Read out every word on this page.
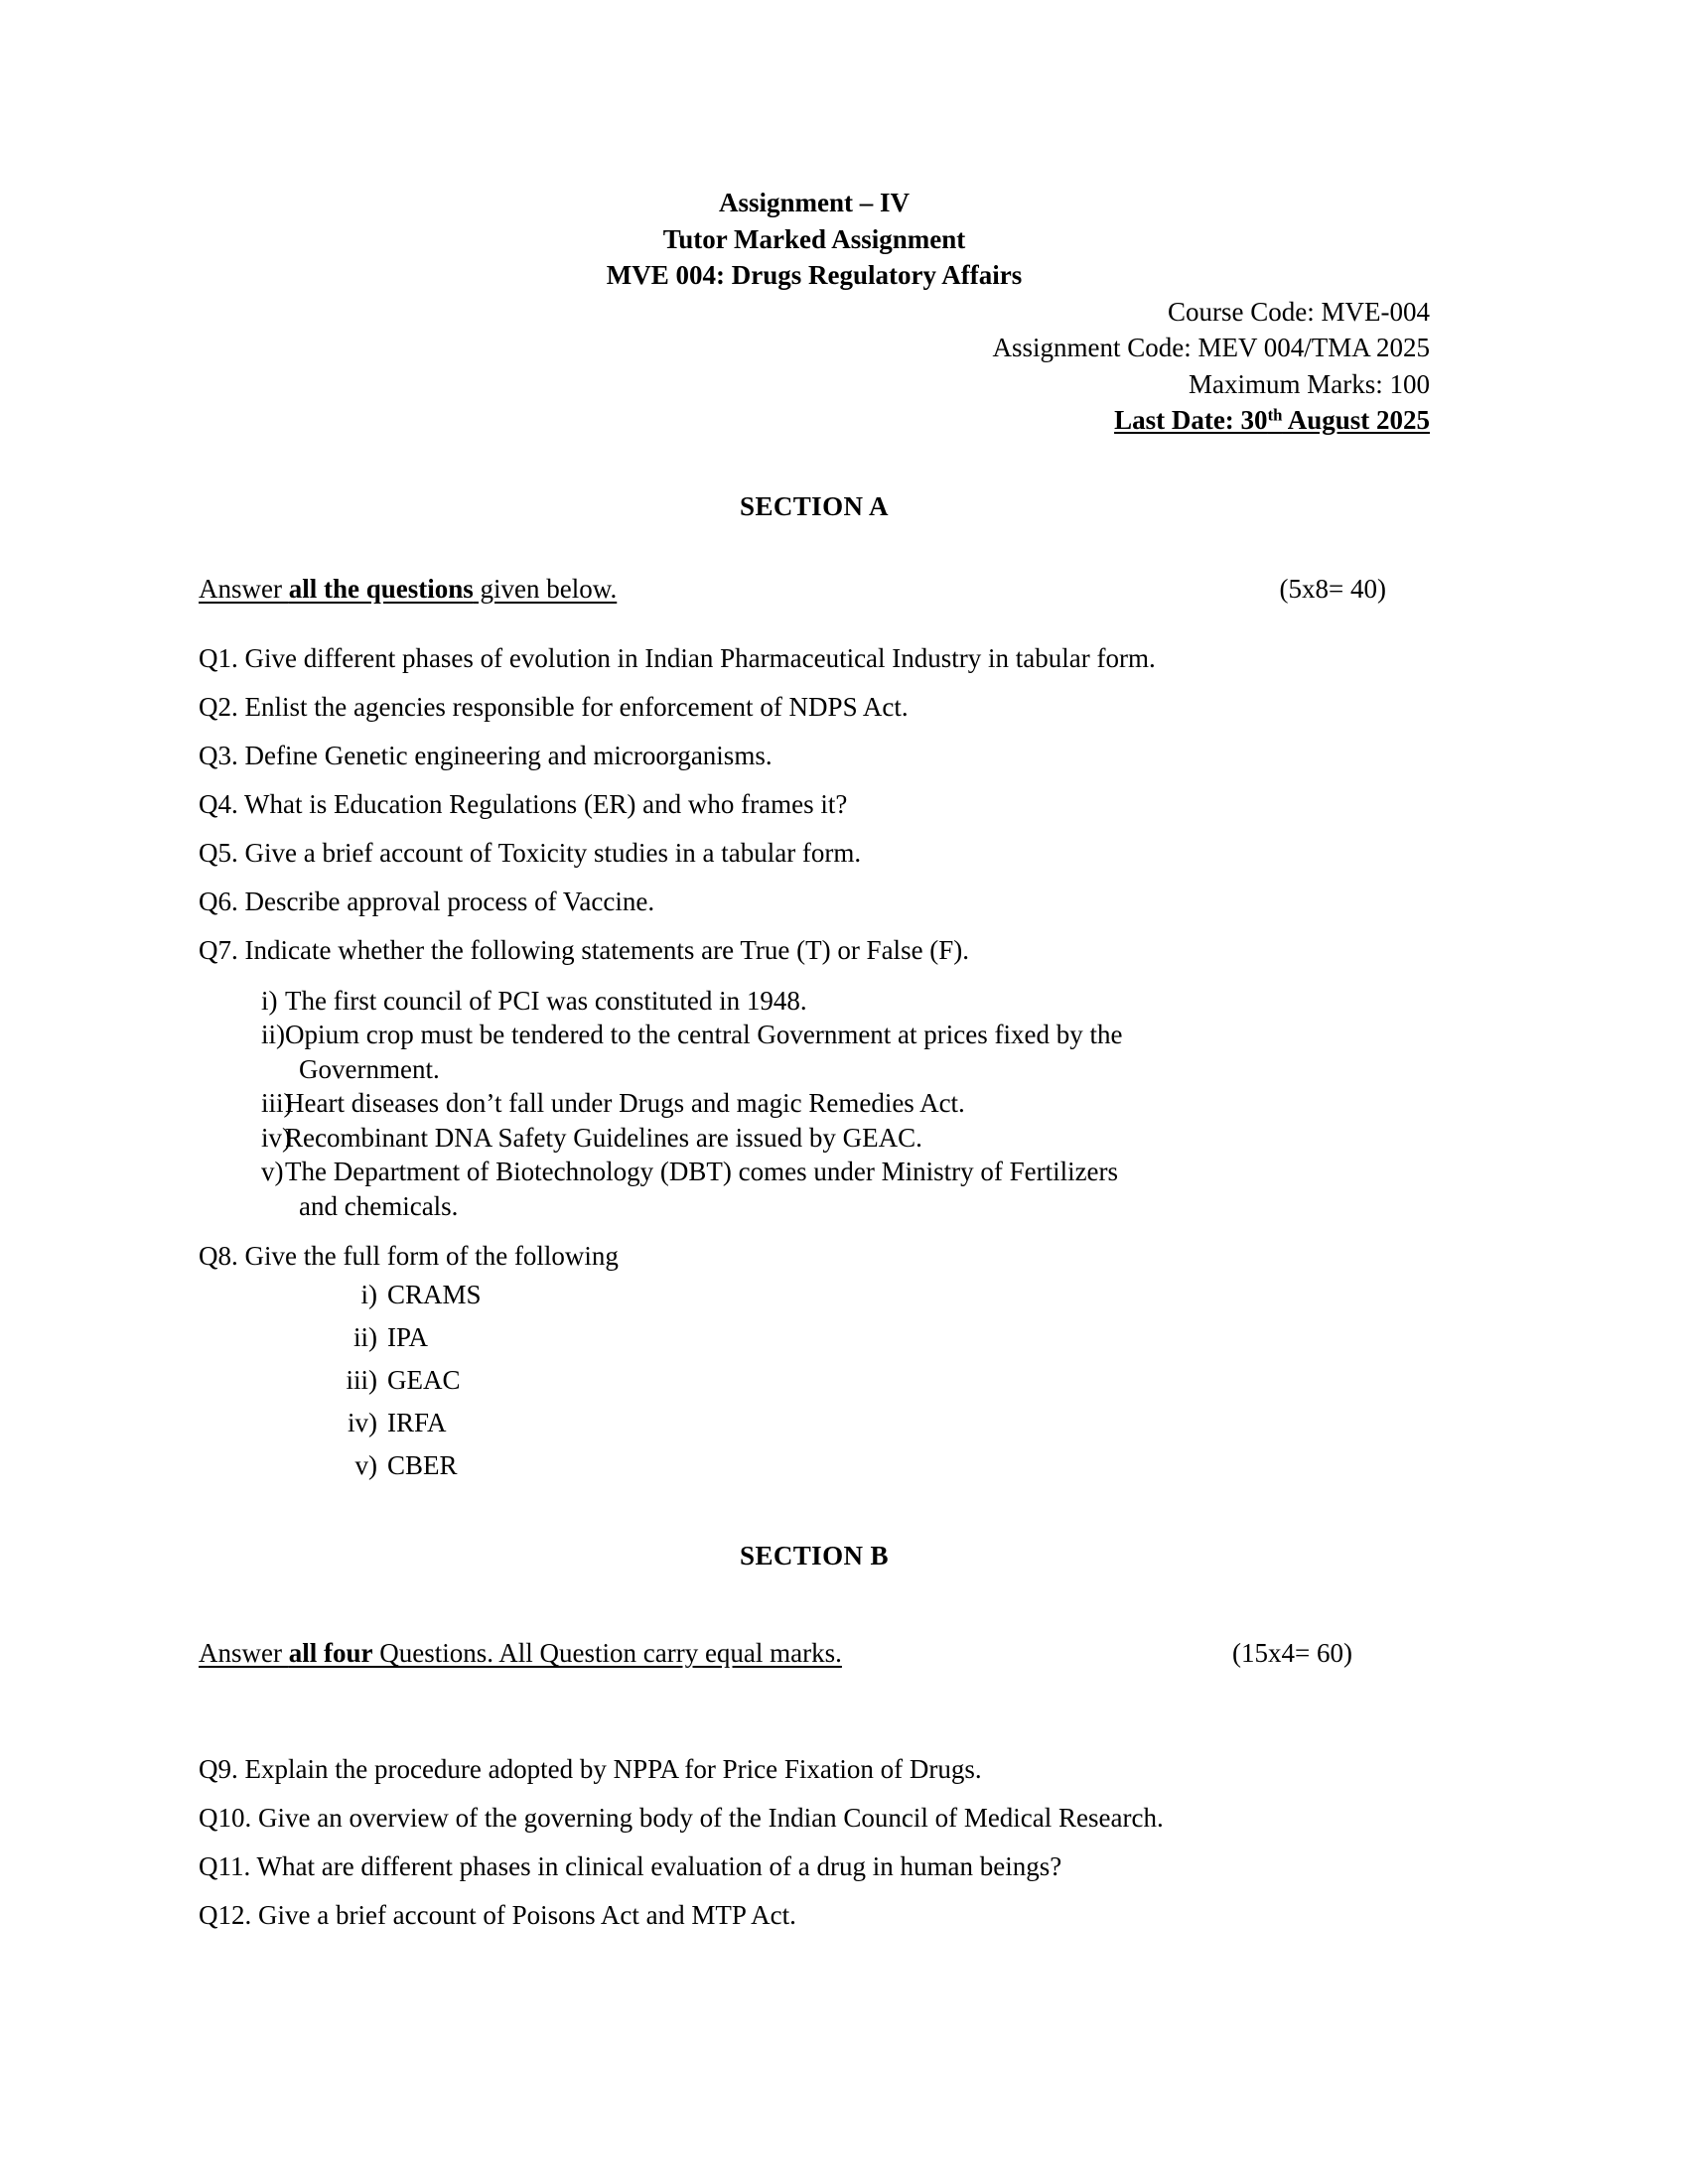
Assignment – IV
Tutor Marked Assignment
MVE 004: Drugs Regulatory Affairs
Course Code: MVE-004
Assignment Code: MEV 004/TMA 2025
Maximum Marks: 100
Last Date: 30th August 2025
SECTION A
Answer all the questions given below.	(5x8= 40)
Q1. Give different phases of evolution in Indian Pharmaceutical Industry in tabular form.
Q2. Enlist the agencies responsible for enforcement of NDPS Act.
Q3. Define Genetic engineering and microorganisms.
Q4. What is Education Regulations (ER) and who frames it?
Q5. Give a brief account of Toxicity studies in a tabular form.
Q6. Describe approval process of Vaccine.
Q7. Indicate whether the following statements are True (T) or False (F).
i) The first council of PCI was constituted in 1948.
ii) Opium crop must be tendered to the central Government at prices fixed by the
Government.
iii)
Heart diseases don’t fall under Drugs and magic Remedies Act.
iv)
Recombinant DNA Safety Guidelines are issued by GEAC.
v) The Department of Biotechnology (DBT) comes under Ministry of Fertilizers
and chemicals.
Q8. Give the full form of the following
i) CRAMS
ii) IPA
iii) GEAC
iv) IRFA
v) CBER
SECTION B
Answer all four Questions. All Question carry equal marks.	(15x4= 60)
Q9. Explain the procedure adopted by NPPA for Price Fixation of Drugs.
Q10. Give an overview of the governing body of the Indian Council of Medical Research.
Q11. What are different phases in clinical evaluation of a drug in human beings?
Q12. Give a brief account of Poisons Act and MTP Act.
